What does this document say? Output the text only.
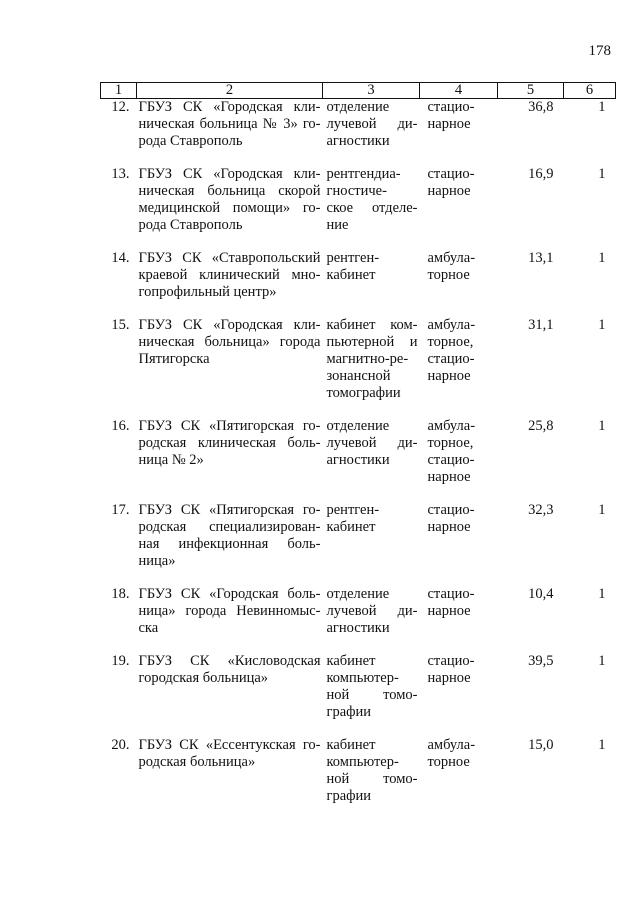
178
1	2	3	4	5	6
12.	ГБУЗ СК «Городская кли-
ническая больница № 3» го-
рода Ставрополь	отделение
лучевой ди-
агностики	стацио-
нарное	36,8	1
13.	ГБУЗ СК «Городская кли-
ническая больница скорой
медицинской помощи» го-
рода Ставрополь	рентгендиа-
гностиче-
ское отделе-
ние	стацио-
нарное	16,9	1
14.	ГБУЗ СК «Ставропольский
краевой клинический мно-
гопрофильный центр»	рентген-
кабинет	амбула-
торное	13,1	1
15.	ГБУЗ СК «Городская кли-
ническая больница» города
Пятигорска	кабинет ком-
пьютерной и
магнитно-ре-
зонансной
томографии	амбула-
торное,
стацио-
нарное	31,1	1
16.	ГБУЗ СК «Пятигорская го-
родская клиническая боль-
ница № 2»	отделение
лучевой ди-
агностики	амбула-
торное,
стацио-
нарное	25,8	1
17.	ГБУЗ СК «Пятигорская го-
родская специализирован-
ная инфекционная боль-
ница»	рентген-
кабинет	стацио-
нарное	32,3	1
18.	ГБУЗ СК «Городская боль-
ница» города Невинномыс-
ска	отделение
лучевой ди-
агностики	стацио-
нарное	10,4	1
19.	ГБУЗ СК «Кисловодская
городская больница»	кабинет
компьютер-
ной томо-
графии	стацио-
нарное	39,5	1
20.	ГБУЗ СК «Ессентукская го-
родская больница»	кабинет
компьютер-
ной томо-
графии	амбула-
торное	15,0	1
